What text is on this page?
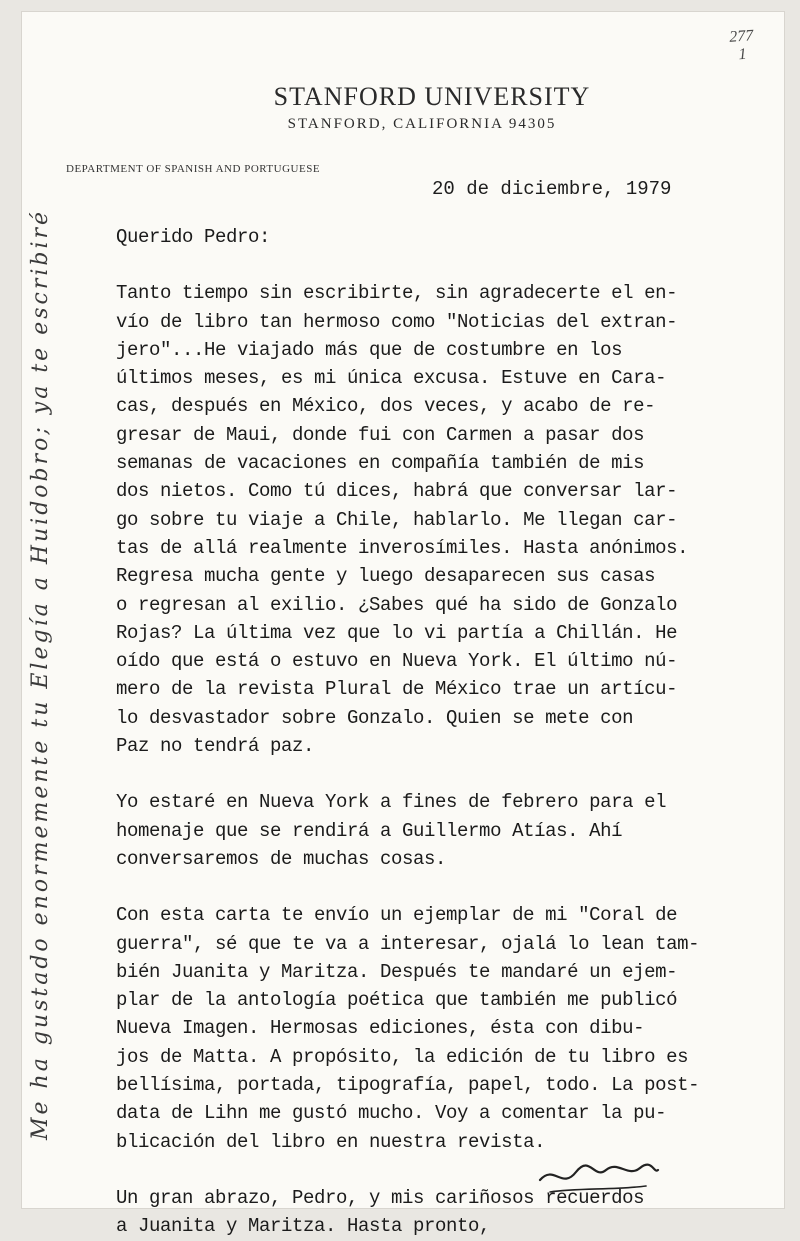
277
1
STANFORD UNIVERSITY
STANFORD, CALIFORNIA 94305
DEPARTMENT OF SPANISH AND PORTUGUESE
20 de diciembre, 1979

Querido Pedro:

Tanto tiempo sin escribirte, sin agradecerte el en-

vío de libro tan hermoso como "Noticias del extran-

jero"...He viajado más que de costumbre en los

últimos meses, es mi única excusa. Estuve en Cara-

cas, después en México, dos veces, y acabo de re-

gresar de Maui, donde fui con Carmen a pasar dos

semanas de vacaciones en compañía también de mis

dos nietos. Como tú dices, habrá que conversar lar-

go sobre tu viaje a Chile, hablarlo. Me llegan car-

tas de allá realmente inverosímiles. Hasta anónimos.

Regresa mucha gente y luego desaparecen sus casas

o regresan al exilio. ¿Sabes qué ha sido de Gonzalo

Rojas? La última vez que lo vi partía a Chillán. He

oído que está o estuvo en Nueva York. El último nú-

mero de la revista Plural de México trae un artícu-

lo desvastador sobre Gonzalo. Quien se mete con

Paz no tendrá paz.

Yo estaré en Nueva York a fines de febrero para el

homenaje que se rendirá a Guillermo Atías. Ahí

conversaremos de muchas cosas.

Con esta carta te envío un ejemplar de mi "Coral de

guerra", sé que te va a interesar, ojalá lo lean tam-

bién Juanita y Maritza. Después te mandaré un ejem-

plar de la antología poética que también me publicó

Nueva Imagen. Hermosas ediciones, ésta con dibu-

jos de Matta. A propósito, la edición de tu libro es

bellísima, portada, tipografía, papel, todo. La post-

data de Lihn me gustó mucho. Voy a comentar la pu-

blicación del libro en nuestra revista.

Un gran abrazo, Pedro, y mis cariñosos recuerdos

a Juanita y Maritza. Hasta pronto,

Me ha gustado enormemente tu Elegía a Huidobro; ya te escribiré
